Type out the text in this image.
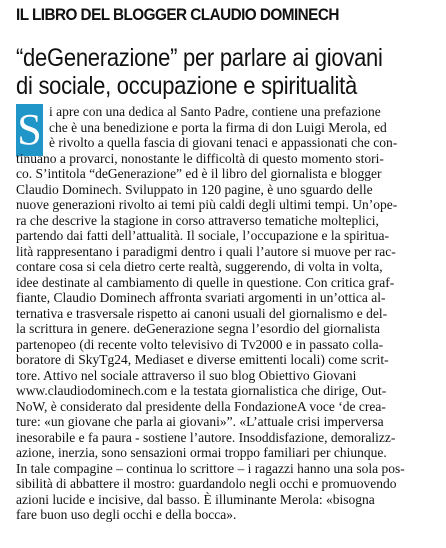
IL LIBRO DEL BLOGGER CLAUDIO DOMINECH
“deGenerazione” per parlare ai giovani
di sociale, occupazione e spiritualità
S i apre con una dedica al Santo Padre, contiene una prefazione
che è una benedizione e porta la firma di don Luigi Merola, ed
è rivolto a quella fascia di giovani tenaci e appassionati che con-
tinuano a provarci, nonostante le difficoltà di questo momento stori-
co. S’intitola “deGenerazione” ed è il libro del giornalista e blogger
Claudio Dominech. Sviluppato in 120 pagine, è uno sguardo delle
nuove generazioni rivolto ai temi più caldi degli ultimi tempi. Un’ope-
ra che descrive la stagione in corso attraverso tematiche molteplici,
partendo dai fatti dell’attualità. Il sociale, l’occupazione e la spiritua-
lità rappresentano i paradigmi dentro i quali l’autore si muove per rac-
contare cosa si cela dietro certe realtà, suggerendo, di volta in volta,
idee destinate al cambiamento di quelle in questione. Con critica graf-
fiante, Claudio Dominech affronta svariati argomenti in un’ottica al-
ternativa e trasversale rispetto ai canoni usuali del giornalismo e del-
la scrittura in genere. deGenerazione segna l’esordio del giornalista
partenopeo (di recente volto televisivo di Tv2000 e in passato colla-
boratore di SkyTg24, Mediaset e diverse emittenti locali) come scrit-
tore. Attivo nel sociale attraverso il suo blog Obiettivo Giovani
www.claudiodominech.com e la testata giornalistica che dirige, Out-
NoW, è considerato dal presidente della FondazioneA voce ‘de crea-
ture: «un giovane che parla ai giovani»”. «L’attuale crisi imperversa
inesorabile e fa paura - sostiene l’autore. Insoddisfazione, demoralizz-
azione, inerzia, sono sensazioni ormai troppo familiari per chiunque.
In tale compagine – continua lo scrittore – i ragazzi hanno una sola pos-
sibilità di abbattere il mostro: guardandolo negli occhi e promuovendo
azioni lucide e incisive, dal basso. È illuminante Merola: «bisogna
fare buon uso degli occhi e della bocca».
